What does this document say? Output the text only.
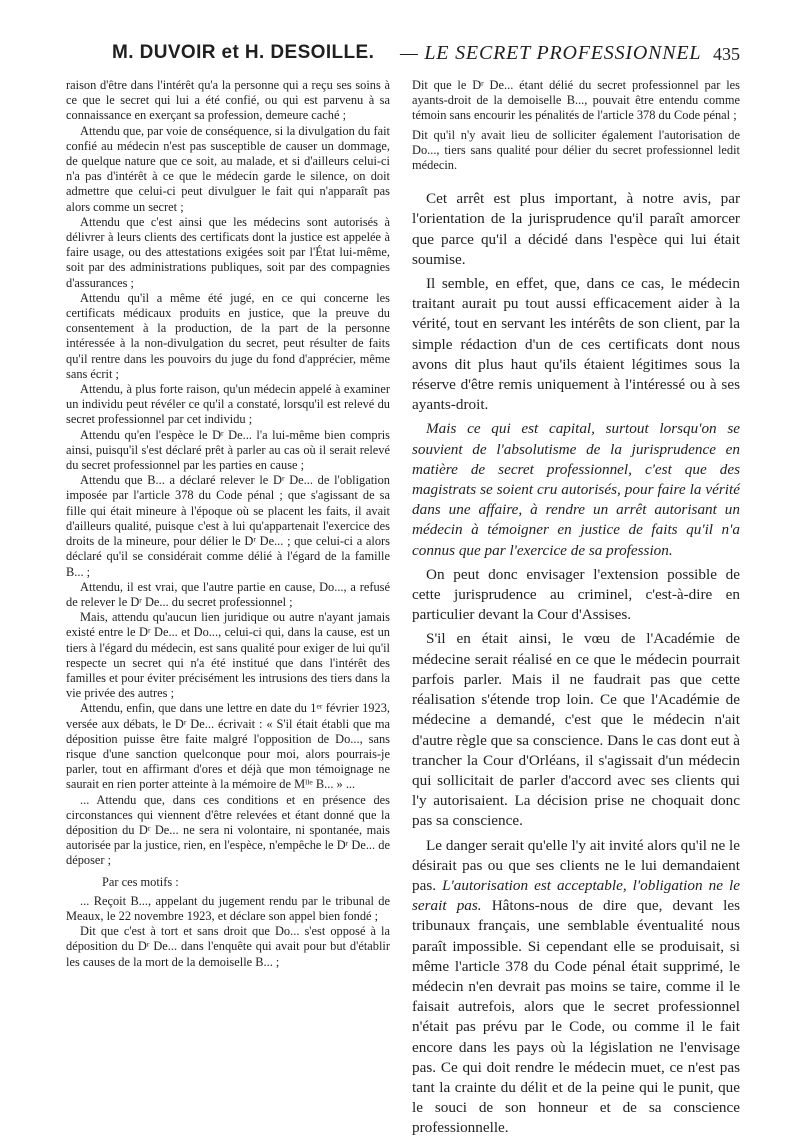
M. DUVOIR et H. DESOILLE. — LE SECRET PROFESSIONNEL 435

raison d'être dans l'intérêt qu'a la personne qui a reçu ses soins à ce que le secret qui lui a été confié, ou qui est parvenu à sa connaissance en exerçant sa profession, demeure caché ;

Attendu que, par voie de conséquence, si la divulgation du fait confié au médecin n'est pas susceptible de causer un dommage, de quelque nature que ce soit, au malade, et si d'ailleurs celui-ci n'a pas d'intérêt à ce que le médecin garde le silence, on doit admettre que celui-ci peut divulguer le fait qui n'apparaît pas alors comme un secret ;

Attendu que c'est ainsi que les médecins sont autorisés à délivrer à leurs clients des certificats dont la justice est appelée à faire usage, ou des attestations exigées soit par l'État lui-même, soit par des administrations publiques, soit par des compagnies d'assurances ;

Attendu qu'il a même été jugé, en ce qui concerne les certificats médicaux produits en justice, que la preuve du consentement à la production, de la part de la personne intéressée à la non-divulgation du secret, peut résulter de faits qu'il rentre dans les pouvoirs du juge du fond d'apprécier, même sans écrit ;

Attendu, à plus forte raison, qu'un médecin appelé à examiner un individu peut révéler ce qu'il a constaté, lorsqu'il est relevé du secret professionnel par cet individu ;

Attendu qu'en l'espèce le $D^r$ De... l'a lui-même bien compris ainsi, puisqu'il s'est déclaré prêt à parler au cas où il serait relevé du secret professionnel par les parties en cause ;

Attendu que B... a déclaré relever le $D^r$ De... de l'obligation imposée par l'article 378 du Code pénal ; que s'agissant de sa fille qui était mineure à l'époque où se placent les faits, il avait d'ailleurs qualité, puisque c'est à lui qu'appartenait l'exercice des droits de la mineure, pour délier le $D^r$ De... ; que celui-ci a alors déclaré qu'il se considérait comme délié à l'égard de la famille B... ;

Attendu, il est vrai, que l'autre partie en cause, Do..., a refusé de relever le $D^r$ De... du secret professionnel ;

Mais, attendu qu'aucun lien juridique ou autre n'ayant jamais existé entre le $D^r$ De... et Do..., celui-ci qui, dans la cause, est un tiers à l'égard du médecin, est sans qualité pour exiger de lui qu'il respecte un secret qui n'a été institué que dans l'intérêt des familles et pour éviter précisément les intrusions des tiers dans la vie privée des autres ;

Attendu, enfin, que dans une lettre en date du 1er février 1923, versée aux débats, le $D^r$ De... écrivait : « S'il était établi que ma déposition puisse être faite malgré l'opposition de Do..., sans risque d'une sanction quelconque pour moi, alors pourrais-je parler, tout en affirmant d'ores et déjà que mon témoignage ne saurait en rien porter atteinte à la mémoire de $M^{lle}$ B... » ...

... Attendu que, dans ces conditions et en présence des circonstances qui viennent d'être relevées et étant donné que la déposition du $D^r$ De... ne sera ni volontaire, ni spontanée, mais autorisée par la justice, rien, en l'espèce, n'empêche le $D^r$ De... de déposer ;

Par ces motifs :

... Reçoit B..., appelant du jugement rendu par le tribunal de Meaux, le 22 novembre 1923, et déclare son appel bien fondé ;

Dit que c'est à tort et sans droit que Do... s'est opposé à la déposition du $D^r$ De... dans l'enquête qui avait pour but d'établir les causes de la mort de la demoiselle B... ;

Dit que le $D^r$ De... étant délié du secret professionnel par les ayants-droit de la demoiselle B..., pouvait être entendu comme témoin sans encourir les pénalités de l'article 378 du Code pénal ;

Dit qu'il n'y avait lieu de solliciter également l'autorisation de Do..., tiers sans qualité pour délier du secret professionnel ledit médecin.

Cet arrêt est plus important, à notre avis, par l'orientation de la jurisprudence qu'il paraît amorcer que parce qu'il a décidé dans l'espèce qui lui était soumise.

Il semble, en effet, que, dans ce cas, le médecin traitant aurait pu tout aussi efficacement aider à la vérité, tout en servant les intérêts de son client, par la simple rédaction d'un de ces certificats dont nous avons dit plus haut qu'ils étaient légitimes sous la réserve d'être remis uniquement à l'intéressé ou à ses ayants-droit.

Mais ce qui est capital, surtout lorsqu'on se souvient de l'absolutisme de la jurisprudence en matière de secret professionnel, c'est que des magistrats se soient cru autorisés, pour faire la vérité dans une affaire, à rendre un arrêt autorisant un médecin à témoigner en justice de faits qu'il n'a connus que par l'exercice de sa profession.

On peut donc envisager l'extension possible de cette jurisprudence au criminel, c'est-à-dire en particulier devant la Cour d'Assises.

S'il en était ainsi, le vœu de l'Académie de médecine serait réalisé en ce que le médecin pourrait parfois parler. Mais il ne faudrait pas que cette réalisation s'étende trop loin. Ce que l'Académie de médecine a demandé, c'est que le médecin n'ait d'autre règle que sa conscience. Dans le cas dont eut à trancher la Cour d'Orléans, il s'agissait d'un médecin qui sollicitait de parler d'accord avec ses clients qui l'y autorisaient. La décision prise ne choquait donc pas sa conscience.

Le danger serait qu'elle l'y ait invité alors qu'il ne le désirait pas ou que ses clients ne le lui demandaient pas. L'autorisation est acceptable, l'obligation ne le serait pas. Hâtons-nous de dire que, devant les tribunaux français, une semblable éventualité nous paraît impossible. Si cependant elle se produisait, si même l'article 378 du Code pénal était supprimé, le médecin n'en devrait pas moins se taire, comme il le faisait autrefois, alors que le secret professionnel n'était pas prévu par le Code, ou comme il le fait encore dans les pays où la législation ne l'envisage pas. Ce qui doit rendre le médecin muet, ce n'est pas tant la crainte du délit et de la peine qui le punit, que le souci de son honneur et de sa conscience professionnelle.
